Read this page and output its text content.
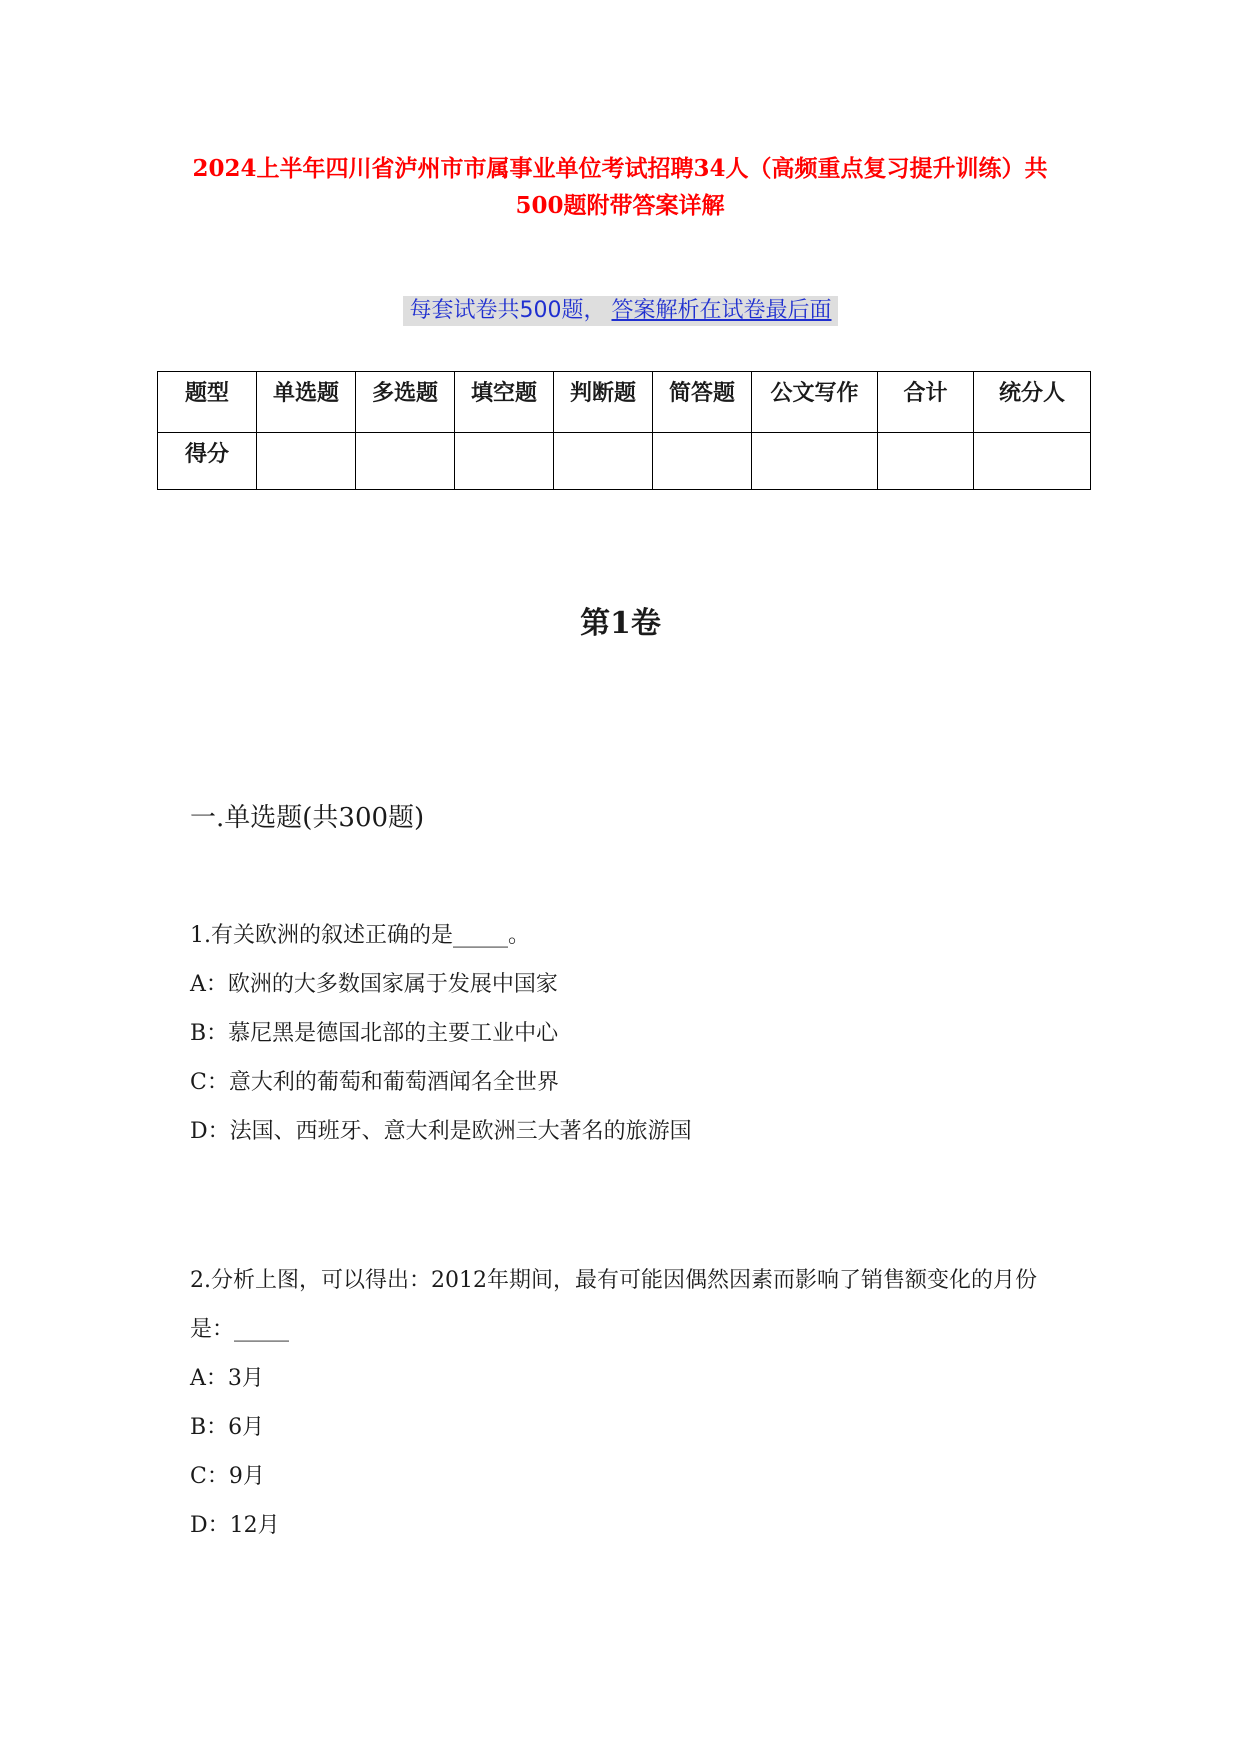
2024上半年四川省泸州市市属事业单位考试招聘34人（高频重点复习提升训练）共500题附带答案详解
每套试卷共500题， 答案解析在试卷最后面
题型	单选题	多选题	填空题	判断题	简答题	公文写作	合计	统分人
得分								
第1卷
一.单选题(共300题)

1.有关欧洲的叙述正确的是_____。

A：欧洲的大多数国家属于发展中国家

B：慕尼黑是德国北部的主要工业中心

C：意大利的葡萄和葡萄酒闻名全世界

D：法国、西班牙、意大利是欧洲三大著名的旅游国

2.分析上图，可以得出：2012年期间，最有可能因偶然因素而影响了销售额变化的月份是：_____

A：3月

B：6月

C：9月

D：12月
